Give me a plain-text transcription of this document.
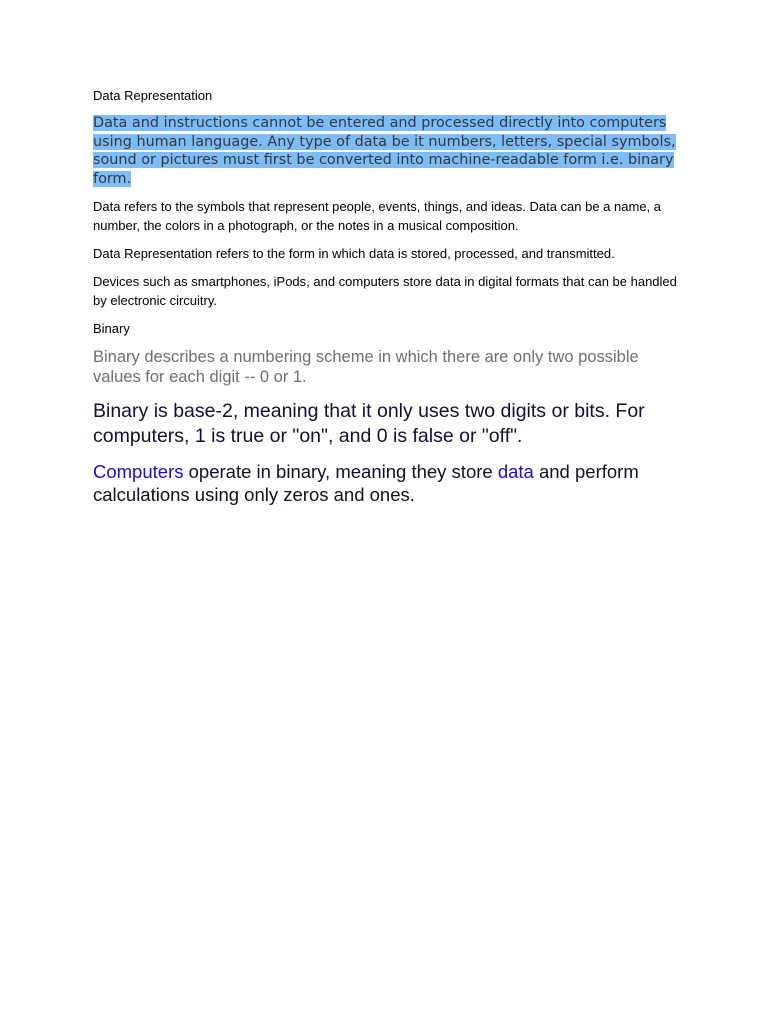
Data Representation

Data and instructions cannot be entered and processed directly into computers using human language. Any type of data be it numbers, letters, special symbols, sound or pictures must first be converted into machine-readable form i.e. binary form.

Data refers to the symbols that represent people, events, things, and ideas. Data can be a name, a number, the colors in a photograph, or the notes in a musical composition.

Data Representation refers to the form in which data is stored, processed, and transmitted.

Devices such as smartphones, iPods, and computers store data in digital formats that can be handled by electronic circuitry.

Binary

Binary describes a numbering scheme in which there are only two possible values for each digit -- 0 or 1.

Binary is base-2, meaning that it only uses two digits or bits. For computers, 1 is true or "on", and 0 is false or "off".

Computers operate in binary, meaning they store data and perform calculations using only zeros and ones.
